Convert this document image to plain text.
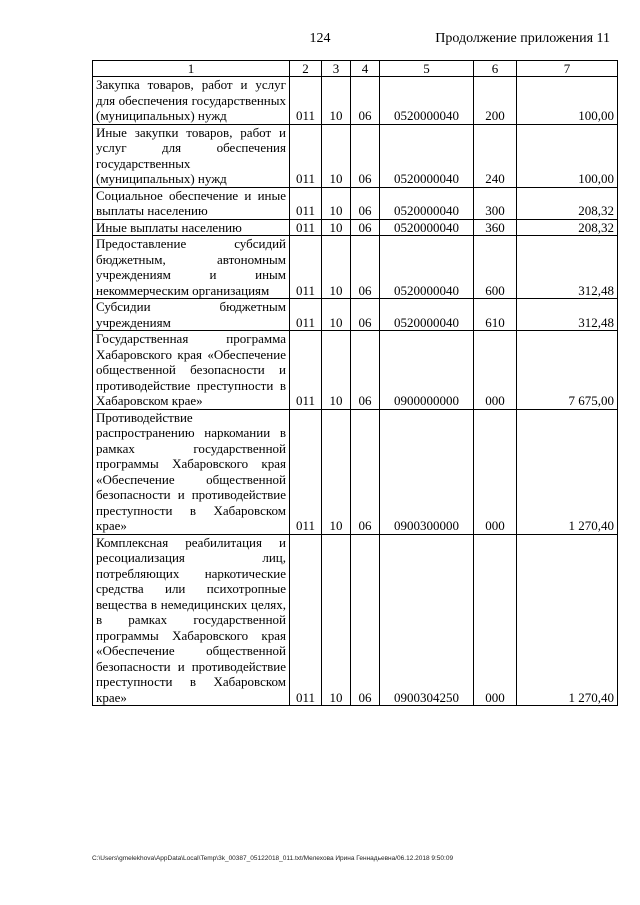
124	Продолжение приложения 11
1	2	3	4	5	6	7
Закупка товаров, работ и услуг для обеспечения государственных (муниципальных) нужд	011	10	06	0520000040	200	100,00
Иные закупки товаров, работ и услуг для обеспечения государственных (муниципальных) нужд	011	10	06	0520000040	240	100,00
Социальное обеспечение и иные выплаты населению	011	10	06	0520000040	300	208,32
Иные выплаты населению	011	10	06	0520000040	360	208,32
Предоставление субсидий бюджетным, автономным учреждениям и иным некоммерческим организациям	011	10	06	0520000040	600	312,48
Субсидии бюджетным учреждениям	011	10	06	0520000040	610	312,48
Государственная программа Хабаровского края «Обеспечение общественной безопасности и противодействие преступности в Хабаровском крае»	011	10	06	0900000000	000	7 675,00
Противодействие распространению наркомании в рамках государственной программы Хабаровского края «Обеспечение общественной безопасности и противодействие преступности в Хабаровском крае»	011	10	06	0900300000	000	1 270,40
Комплексная реабилитация и ресоциализация лиц, потребляющих наркотические средства или психотропные вещества в немедицинских целях, в рамках государственной программы Хабаровского края «Обеспечение общественной безопасности и противодействие преступности в Хабаровском крае»	011	10	06	0900304250	000	1 270,40
C:\Users\gmelekhova\AppData\Local\Temp\3k_00387_05122018_011.txt/Мелехова Ирина Геннадьевна/06.12.2018 9:50:09
